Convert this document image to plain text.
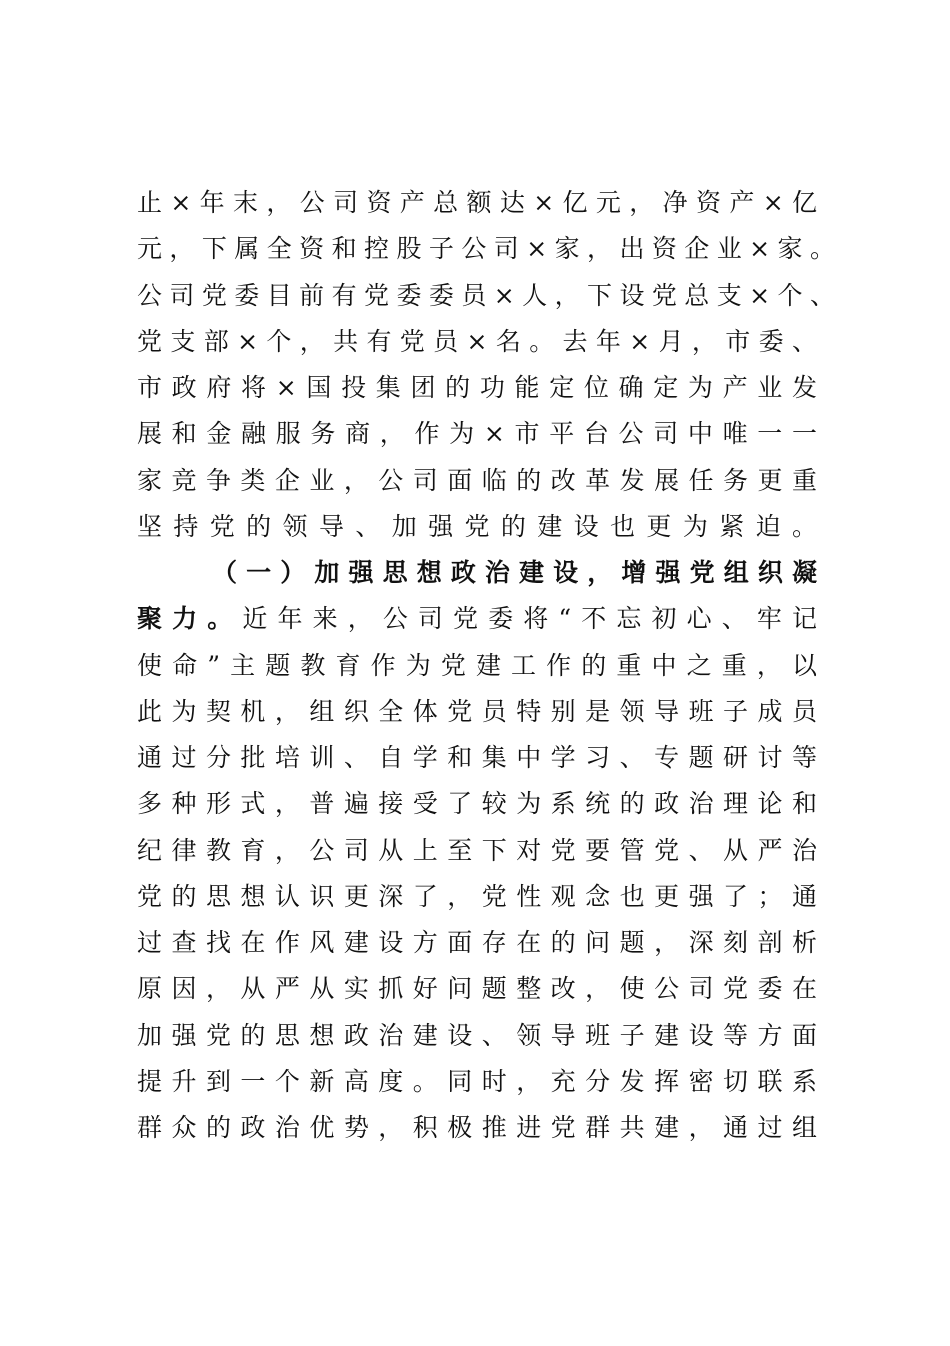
止×年末，公司资产总额达×亿元，净资产×亿
元，下属全资和控股子公司×家，出资企业×家。
公司党委目前有党委委员×人，下设党总支×个、
党支部×个，共有党员×名。去年×月，市委、
市政府将×国投集团的功能定位确定为产业发
展和金融服务商，作为×市平台公司中唯一一
家竞争类企业，公司面临的改革发展任务更重
坚持党的领导、加强党的建设也更为紧迫。
（一）加强思想政治建设，增强党组织凝
聚力。近年来，公司党委将“不忘初心、牢记
使命”主题教育作为党建工作的重中之重，以
此为契机，组织全体党员特别是领导班子成员
通过分批培训、自学和集中学习、专题研讨等
多种形式，普遍接受了较为系统的政治理论和
纪律教育，公司从上至下对党要管党、从严治
党的思想认识更深了，党性观念也更强了；通
过查找在作风建设方面存在的问题，深刻剖析
原因，从严从实抓好问题整改，使公司党委在
加强党的思想政治建设、领导班子建设等方面
提升到一个新高度。同时，充分发挥密切联系
群众的政治优势，积极推进党群共建，通过组
